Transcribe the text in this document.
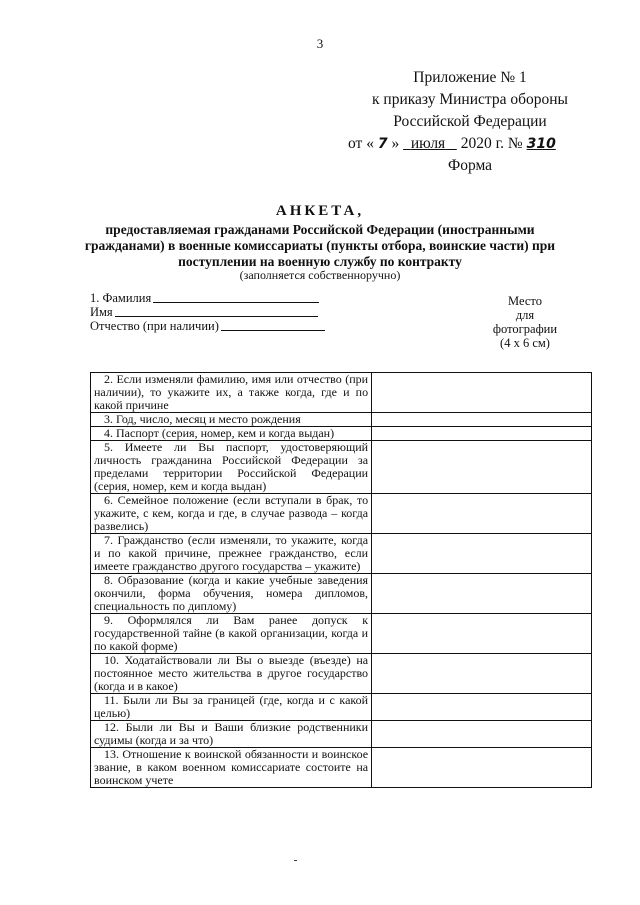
3
Приложение № 1
к приказу Министра обороны
Российской Федерации
от « 7 » июля 2020 г. № 310
Форма
АНКЕТА,
предоставляемая гражданами Российской Федерации (иностранными гражданами) в военные комиссариаты (пункты отбора, воинские части) при поступлении на военную службу по контракту
(заполняется собственноручно)
1. Фамилия
Имя
Отчество (при наличии)
Место
для
фотографии
(4 х 6 см)
2. Если изменяли фамилию, имя или отчество (при наличии), то укажите их, а также когда, где и по какой причине	
3. Год, число, месяц и место рождения	
4. Паспорт (серия, номер, кем и когда выдан)	
5. Имеете ли Вы паспорт, удостоверяющий личность гражданина Российской Федерации за пределами территории Российской Федерации (серия, номер, кем и когда выдан)	
6. Семейное положение (если вступали в брак, то укажите, с кем, когда и где, в случае развода – когда развелись)	
7. Гражданство (если изменяли, то укажите, когда и по какой причине, прежнее гражданство, если имеете гражданство другого государства – укажите)	
8. Образование (когда и какие учебные заведения окончили, форма обучения, номера дипломов, специальность по диплому)	
9. Оформлялся ли Вам ранее допуск к государственной тайне (в какой организации, когда и по какой форме)	
10. Ходатайствовали ли Вы о выезде (въезде) на постоянное место жительства в другое государство (когда и в какое)	
11. Были ли Вы за границей (где, когда и с какой целью)	
12. Были ли Вы и Ваши близкие родственники судимы (когда и за что)	
13. Отношение к воинской обязанности и воинское звание, в каком военном комиссариате состоите на воинском учете	
